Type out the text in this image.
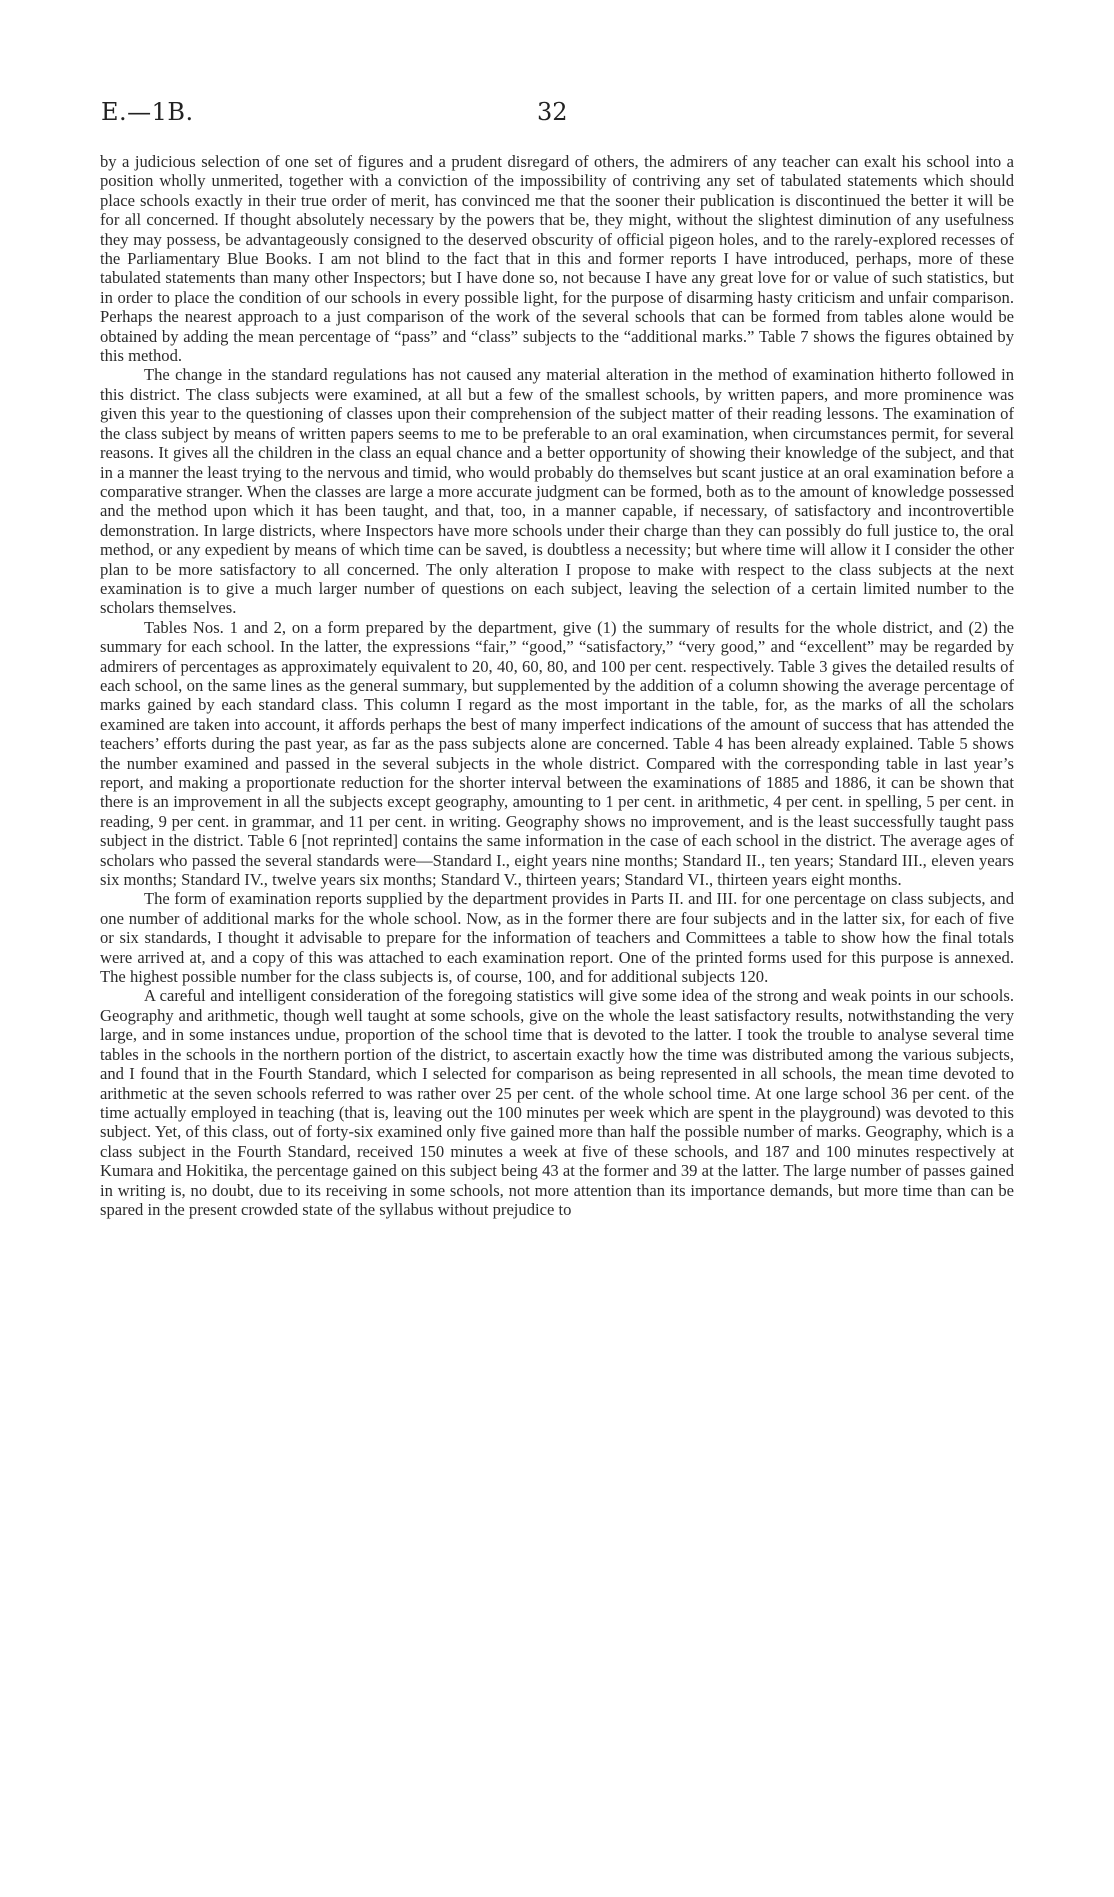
E.—1B.	32

by a judicious selection of one set of figures and a prudent disregard of others, the admirers of any teacher can exalt his school into a position wholly unmerited, together with a conviction of the impossibility of contriving any set of tabulated statements which should place schools exactly in their true order of merit, has convinced me that the sooner their publication is discontinued the better it will be for all concerned. If thought absolutely necessary by the powers that be, they might, without the slightest diminution of any usefulness they may possess, be advantageously consigned to the deserved obscurity of official pigeon holes, and to the rarely-explored recesses of the Parliamentary Blue Books. I am not blind to the fact that in this and former reports I have introduced, perhaps, more of these tabulated statements than many other Inspectors; but I have done so, not because I have any great love for or value of such statistics, but in order to place the condition of our schools in every possible light, for the purpose of disarming hasty criticism and unfair comparison. Perhaps the nearest approach to a just comparison of the work of the several schools that can be formed from tables alone would be obtained by adding the mean percentage of “pass” and “class” subjects to the “additional marks.” Table 7 shows the figures obtained by this method.

The change in the standard regulations has not caused any material alteration in the method of examination hitherto followed in this district. The class subjects were examined, at all but a few of the smallest schools, by written papers, and more prominence was given this year to the questioning of classes upon their comprehension of the subject matter of their reading lessons. The examination of the class subject by means of written papers seems to me to be preferable to an oral examination, when circumstances permit, for several reasons. It gives all the children in the class an equal chance and a better opportunity of showing their knowledge of the subject, and that in a manner the least trying to the nervous and timid, who would probably do themselves but scant justice at an oral examination before a comparative stranger. When the classes are large a more accurate judgment can be formed, both as to the amount of knowledge possessed and the method upon which it has been taught, and that, too, in a manner capable, if necessary, of satisfactory and incontrovertible demonstration. In large districts, where Inspectors have more schools under their charge than they can possibly do full justice to, the oral method, or any expedient by means of which time can be saved, is doubtless a necessity; but where time will allow it I consider the other plan to be more satisfactory to all concerned. The only alteration I propose to make with respect to the class subjects at the next examination is to give a much larger number of questions on each subject, leaving the selection of a certain limited number to the scholars themselves.

Tables Nos. 1 and 2, on a form prepared by the department, give (1) the summary of results for the whole district, and (2) the summary for each school. In the latter, the expressions “fair,” “good,” “satisfactory,” “very good,” and “excellent” may be regarded by admirers of percentages as approximately equivalent to 20, 40, 60, 80, and 100 per cent. respectively. Table 3 gives the detailed results of each school, on the same lines as the general summary, but supplemented by the addition of a column showing the average percentage of marks gained by each standard class. This column I regard as the most important in the table, for, as the marks of all the scholars examined are taken into account, it affords perhaps the best of many imperfect indications of the amount of success that has attended the teachers’ efforts during the past year, as far as the pass subjects alone are concerned. Table 4 has been already explained. Table 5 shows the number examined and passed in the several subjects in the whole district. Compared with the corresponding table in last year’s report, and making a proportionate reduction for the shorter interval between the examinations of 1885 and 1886, it can be shown that there is an improvement in all the subjects except geography, amounting to 1 per cent. in arithmetic, 4 per cent. in spelling, 5 per cent. in reading, 9 per cent. in grammar, and 11 per cent. in writing. Geography shows no improvement, and is the least successfully taught pass subject in the district. Table 6 [not reprinted] contains the same information in the case of each school in the district. The average ages of scholars who passed the several standards were—Standard I., eight years nine months; Standard II., ten years; Standard III., eleven years six months; Standard IV., twelve years six months; Standard V., thirteen years; Standard VI., thirteen years eight months.

The form of examination reports supplied by the department provides in Parts II. and III. for one percentage on class subjects, and one number of additional marks for the whole school. Now, as in the former there are four subjects and in the latter six, for each of five or six standards, I thought it advisable to prepare for the information of teachers and Committees a table to show how the final totals were arrived at, and a copy of this was attached to each examination report. One of the printed forms used for this purpose is annexed. The highest possible number for the class subjects is, of course, 100, and for additional subjects 120.

A careful and intelligent consideration of the foregoing statistics will give some idea of the strong and weak points in our schools. Geography and arithmetic, though well taught at some schools, give on the whole the least satisfactory results, notwithstanding the very large, and in some instances undue, proportion of the school time that is devoted to the latter. I took the trouble to analyse several time tables in the schools in the northern portion of the district, to ascertain exactly how the time was distributed among the various subjects, and I found that in the Fourth Standard, which I selected for comparison as being represented in all schools, the mean time devoted to arithmetic at the seven schools referred to was rather over 25 per cent. of the whole school time. At one large school 36 per cent. of the time actually employed in teaching (that is, leaving out the 100 minutes per week which are spent in the playground) was devoted to this subject. Yet, of this class, out of forty-six examined only five gained more than half the possible number of marks. Geography, which is a class subject in the Fourth Standard, received 150 minutes a week at five of these schools, and 187 and 100 minutes respectively at Kumara and Hokitika, the percentage gained on this subject being 43 at the former and 39 at the latter. The large number of passes gained in writing is, no doubt, due to its receiving in some schools, not more attention than its importance demands, but more time than can be spared in the present crowded state of the syllabus without prejudice to
